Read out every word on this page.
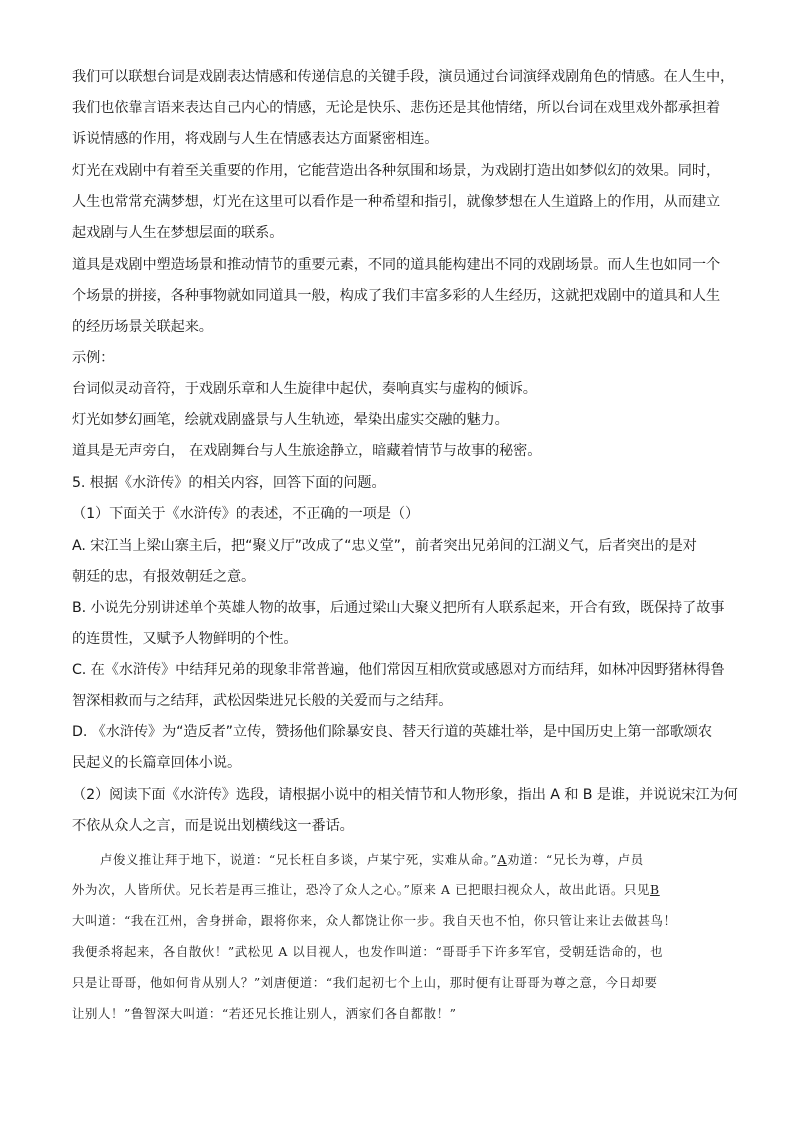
我们可以联想台词是戏剧表达情感和传递信息的关键手段，演员通过台词演绎戏剧角色的情感。在人生中，
我们也依靠言语来表达自己内心的情感，无论是快乐、悲伤还是其他情绪，所以台词在戏里戏外都承担着
诉说情感的作用，将戏剧与人生在情感表达方面紧密相连。
灯光在戏剧中有着至关重要的作用，它能营造出各种氛围和场景，为戏剧打造出如梦似幻的效果。同时，
人生也常常充满梦想，灯光在这里可以看作是一种希望和指引，就像梦想在人生道路上的作用，从而建立
起戏剧与人生在梦想层面的联系。
道具是戏剧中塑造场景和推动情节的重要元素，不同的道具能构建出不同的戏剧场景。而人生也如同一个
个场景的拼接，各种事物就如同道具一般，构成了我们丰富多彩的人生经历，这就把戏剧中的道具和人生
的经历场景关联起来。
示例：
台词似灵动音符，于戏剧乐章和人生旋律中起伏，奏响真实与虚构的倾诉。
灯光如梦幻画笔，绘就戏剧盛景与人生轨迹，晕染出虚实交融的魅力。
道具是无声旁白， 在戏剧舞台与人生旅途静立，暗藏着情节与故事的秘密。
5. 根据《水浒传》的相关内容，回答下面的问题。
（1）下面关于《水浒传》的表述，不正确的一项是（）
A. 宋江当上梁山寨主后，把“聚义厅”改成了“忠义堂”，前者突出兄弟间的江湖义气，后者突出的是对
朝廷的忠，有报效朝廷之意。
B. 小说先分别讲述单个英雄人物的故事，后通过梁山大聚义把所有人联系起来，开合有致，既保持了故事
的连贯性，又赋予人物鲜明的个性。
C. 在《水浒传》中结拜兄弟的现象非常普遍，他们常因互相欣赏或感恩对方而结拜，如林冲因野猪林得鲁
智深相救而与之结拜，武松因柴进兄长般的关爱而与之结拜。
D. 《水浒传》为“造反者”立传，赞扬他们除暴安良、替天行道的英雄壮举，是中国历史上第一部歌颂农
民起义的长篇章回体小说。
（2）阅读下面《水浒传》选段，请根据小说中的相关情节和人物形象，指出 A 和 B 是谁，并说说宋江为何
不依从众人之言，而是说出划横线这一番话。
卢俊义推让拜于地下，说道：“兄长枉自多谈，卢某宁死，实难从命。”A劝道：“兄长为尊，卢员
外为次，人皆所伏。兄长若是再三推让，恐冷了众人之心。”原来 A 已把眼扫视众人，故出此语。只见B
大叫道：“我在江州，舍身拼命，跟将你来，众人都饶让你一步。我自天也不怕，你只管让来让去做甚鸟！
我便杀将起来，各自散伙！”武松见 A 以目视人，也发作叫道：“哥哥手下许多军官，受朝廷诰命的，也
只是让哥哥，他如何肯从别人？”刘唐便道：“我们起初七个上山，那时便有让哥哥为尊之意，今日却要
让别人！”鲁智深大叫道：“若还兄长推让别人，洒家们各自都散！”
